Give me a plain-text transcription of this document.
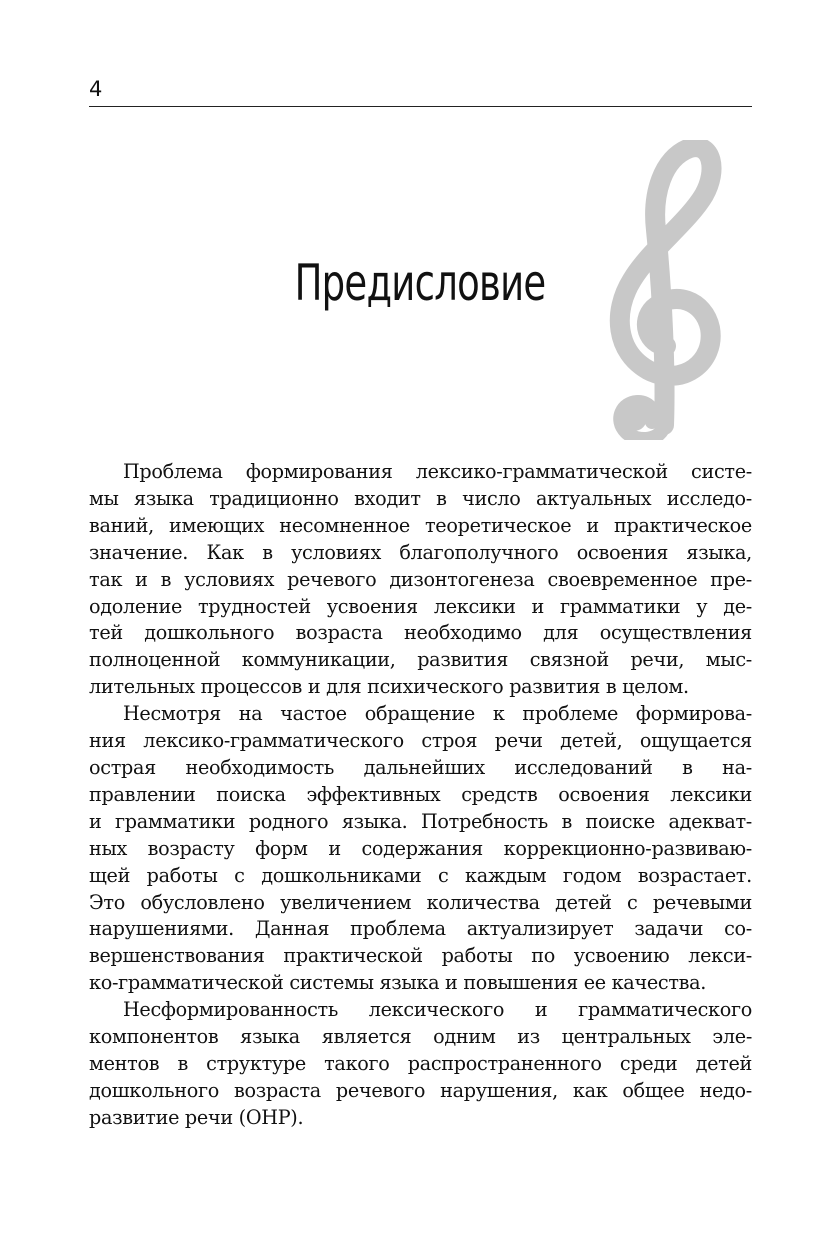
4
Предисловие
Проблема формирования лексико-грамматической систе-
мы языка традиционно входит в число актуальных исследо-
ваний, имеющих несомненное теоретическое и практическое
значение. Как в условиях благополучного освоения языка,
так и в условиях речевого дизонтогенеза своевременное пре-
одоление трудностей усвоения лексики и грамматики у де-
тей дошкольного возраста необходимо для осуществления
полноценной коммуникации, развития связной речи, мыс-
лительных процессов и для психического развития в целом.
Несмотря на частое обращение к проблеме формирова-
ния лексико-грамматического строя речи детей, ощущается
острая необходимость дальнейших исследований в на-
правлении поиска эффективных средств освоения лексики
и грамматики родного языка. Потребность в поиске адекват-
ных возрасту форм и содержания коррекционно-развиваю-
щей работы с дошкольниками с каждым годом возрастает.
Это обусловлено увеличением количества детей с речевыми
нарушениями. Данная проблема актуализирует задачи со-
вершенствования практической работы по усвоению лекси-
ко-грамматической системы языка и повышения ее качества.
Несформированность лексического и грамматического
компонентов языка является одним из центральных эле-
ментов в структуре такого распространенного среди детей
дошкольного возраста речевого нарушения, как общее недо-
развитие речи (ОНР).
